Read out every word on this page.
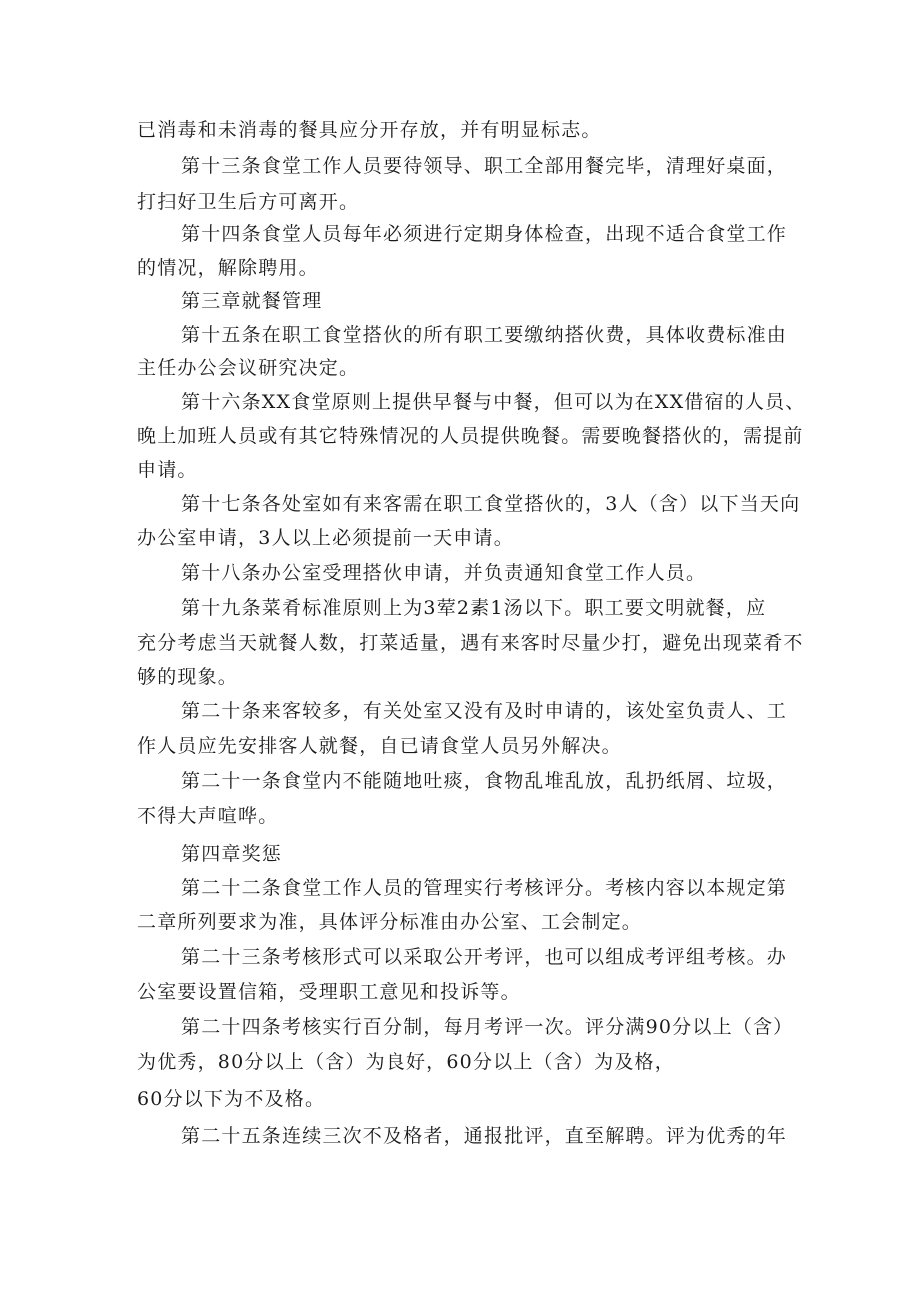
已消毒和未消毒的餐具应分开存放，并有明显标志。
第十三条食堂工作人员要待领导、职工全部用餐完毕，清理好桌面，
打扫好卫生后方可离开。
第十四条食堂人员每年必须进行定期身体检查，出现不适合食堂工作
的情况，解除聘用。
第三章就餐管理
第十五条在职工食堂搭伙的所有职工要缴纳搭伙费，具体收费标准由
主任办公会议研究决定。
第十六条XX食堂原则上提供早餐与中餐，但可以为在XX借宿的人员、
晚上加班人员或有其它特殊情况的人员提供晚餐。需要晚餐搭伙的，需提前
申请。
第十七条各处室如有来客需在职工食堂搭伙的，3人（含）以下当天向
办公室申请，3人以上必须提前一天申请。
第十八条办公室受理搭伙申请，并负责通知食堂工作人员。
第十九条菜肴标准原则上为3荤2素1汤以下。职工要文明就餐，应
充分考虑当天就餐人数，打菜适量，遇有来客时尽量少打，避免出现菜肴不
够的现象。
第二十条来客较多，有关处室又没有及时申请的，该处室负责人、工
作人员应先安排客人就餐，自已请食堂人员另外解决。
第二十一条食堂内不能随地吐痰，食物乱堆乱放，乱扔纸屑、垃圾，
不得大声喧哗。
第四章奖惩
第二十二条食堂工作人员的管理实行考核评分。考核内容以本规定第
二章所列要求为准，具体评分标准由办公室、工会制定。
第二十三条考核形式可以采取公开考评，也可以组成考评组考核。办
公室要设置信箱，受理职工意见和投诉等。
第二十四条考核实行百分制，每月考评一次。评分满90分以上（含）
为优秀，80分以上（含）为良好，60分以上（含）为及格，
60分以下为不及格。
第二十五条连续三次不及格者，通报批评，直至解聘。评为优秀的年
